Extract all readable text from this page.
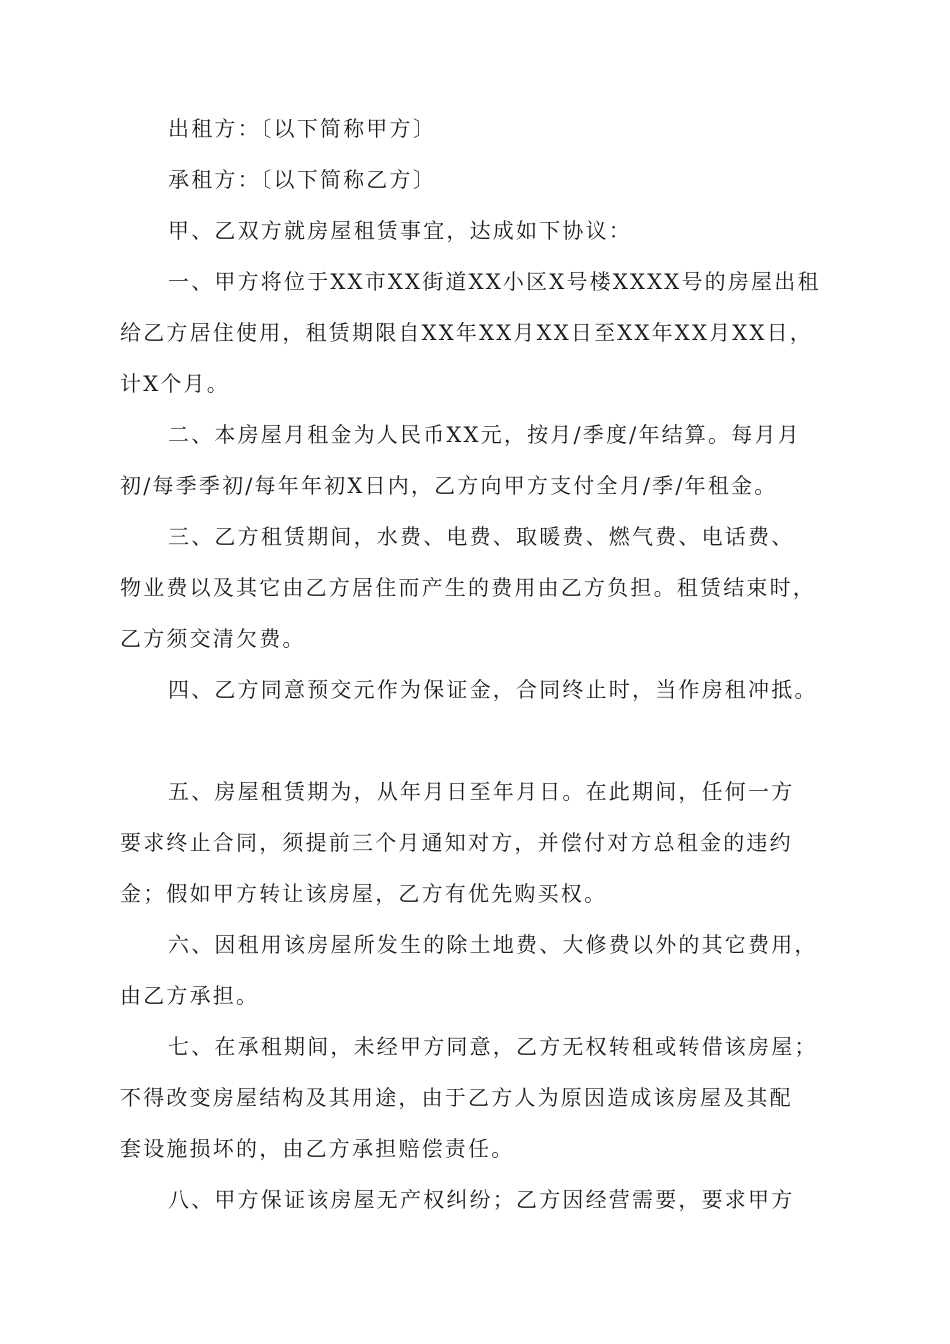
出租方：〔以下简称甲方〕

承租方：〔以下简称乙方〕

甲、乙双方就房屋租赁事宜，达成如下协议：

一、甲方将位于XX市XX街道XX小区X号楼XXXX号的房屋出租
给乙方居住使用，租赁期限自XX年XX月XX日至XX年XX月XX日，
计X个月。

二、本房屋月租金为人民币XX元，按月/季度/年结算。每月月
初/每季季初/每年年初X日内，乙方向甲方支付全月/季/年租金。

三、乙方租赁期间，水费、电费、取暖费、燃气费、电话费、
物业费以及其它由乙方居住而产生的费用由乙方负担。租赁结束时，
乙方须交清欠费。

四、乙方同意预交元作为保证金，合同终止时，当作房租冲抵。

五、房屋租赁期为，从年月日至年月日。在此期间，任何一方
要求终止合同，须提前三个月通知对方，并偿付对方总租金的违约
金；假如甲方转让该房屋，乙方有优先购买权。

六、因租用该房屋所发生的除土地费、大修费以外的其它费用，
由乙方承担。

七、在承租期间，未经甲方同意，乙方无权转租或转借该房屋；
不得改变房屋结构及其用途，由于乙方人为原因造成该房屋及其配
套设施损坏的，由乙方承担赔偿责任。

八、甲方保证该房屋无产权纠纷；乙方因经营需要，要求甲方
